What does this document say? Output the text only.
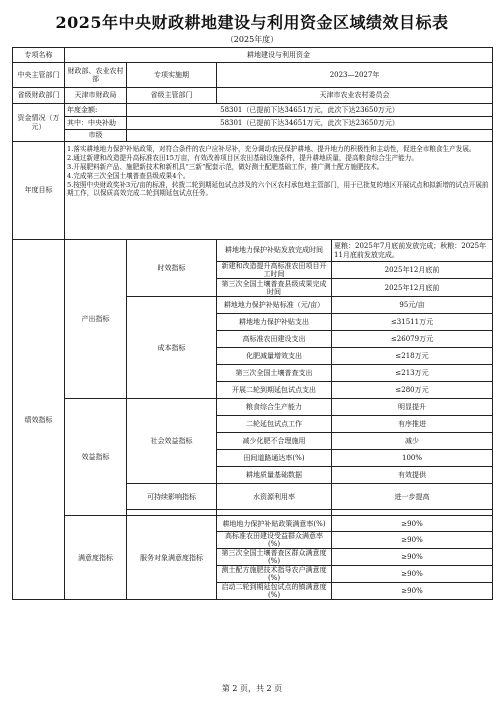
2025年中央财政耕地建设与利用资金区域绩效目标表
（2025年度）
专项名称	耕地建设与利用资金			
中央主管部门	财政部、农业农村部	专项实施期	2023—2027年	
省级财政部门	天津市财政局	省级主管部门	天津市农业农村委员会	
资金情况（万元）	年度金额:	58301（已提前下达34651万元，此次下达23650万元）		
	其中：中央补助	58301（已提前下达34651万元，此次下达23650万元）		
	市级			
年度目标	1.落实耕地地力保护补贴政策，对符合条件的农户应补尽补，充分调动农民保护耕地、提升地力的积极性和主动性，促进全市粮食生产发展。
2.通过新建和改造提升高标准农田15万亩，有效改善项目区农田基础设施条件，提升耕地质量，提高粮食综合生产能力。
3.开展肥料新产品、施肥新技术和新机具“三新”配套示范，做好测土配肥基础工作，推广测土配方施肥技术。
4.完成第三次全国土壤普查县级成果4个。
5.按照中央财政奖补3元/亩的标准，转拨二轮到期延包试点涉及的六个区农村承包地主管部门，用于已批复的地区开展试点和拟新增的试点开展前期工作，以保质高效完成二轮到期延包试点任务。			

绩效指标	产出指标	时效指标	耕地地力保护补贴发放完成时间	夏粮：2025年7月底前发放完成；秋粮：2025年11月底前发放完成。
			新建和改造提升高标准农田项目开工时间	2025年12月底前
			第三次全国土壤普查县级成果完成时间	2025年12月底前
		成本指标	耕地地力保护补贴标准（元/亩）	95元/亩
			耕地地力保护补贴支出	≤31511万元
			高标准农田建设支出	≤26079万元
			化肥减量增效支出	≤218万元
			第三次全国土壤普查支出	≤213万元
			开展二轮到期延包试点支出	≤280万元
	效益指标	社会效益指标	粮食综合生产能力	明显提升
			二轮延包试点工作	有序推进
			减少化肥不合理施用	减少
			田间道路通达率(%)	100%
			耕地质量基础数据	有效提供
		可持续影响指标	水资源利用率	进一步提高

	满意度指标	服务对象满意度指标	耕地地力保护补贴政策满意率(%)	≥90%
			高标准农田建设受益群众满意率(%)	≥90%
			第三次全国土壤普查区群众满意度(%)	≥90%
			测土配方施肥技术指导农户满意度(%)	≥90%
			启动二轮到期延包试点的镇满意度(%)	≥90%
第 2 页，共 2 页
